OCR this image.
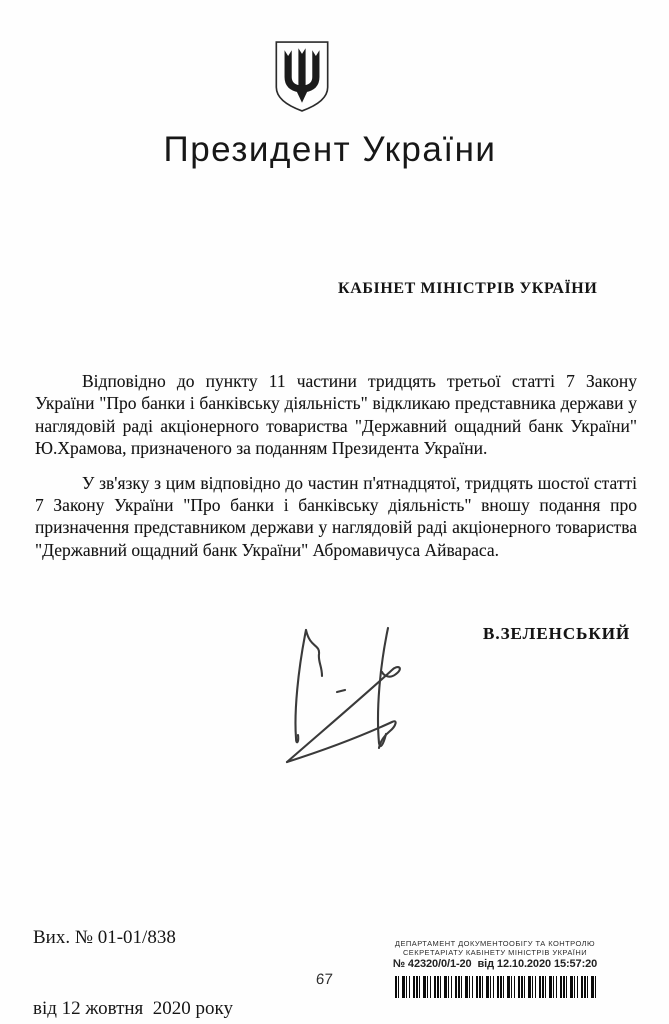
Президент України
КАБІНЕТ МІНІСТРІВ УКРАЇНИ

Відповідно до пункту 11 частини тридцять третьої статті 7 Закону України "Про банки і банківську діяльність" відкликаю представника держави у наглядовій раді акціонерного товариства "Державний ощадний банк України" Ю.Храмова, призначеного за поданням Президента України.

У зв'язку з цим відповідно до частин п'ятнадцятої, тридцять шостої статті 7 Закону України "Про банки і банківську діяльність" вношу подання про призначення представником держави у наглядовій раді акціонерного товариства "Державний ощадний банк України" Абромавичуса Айвараса.

В.ЗЕЛЕНСЬКИЙ

Вих. № 01-01/838

від 12 жовтня  2020 року

ДЕПАРТАМЕНТ ДОКУМЕНТООБІГУ ТА КОНТРОЛЮ
СЕКРЕТАРІАТУ КАБІНЕТУ МІНІСТРІВ УКРАЇНИ
№ 42320/0/1-20  від 12.10.2020 15:57:20
67
